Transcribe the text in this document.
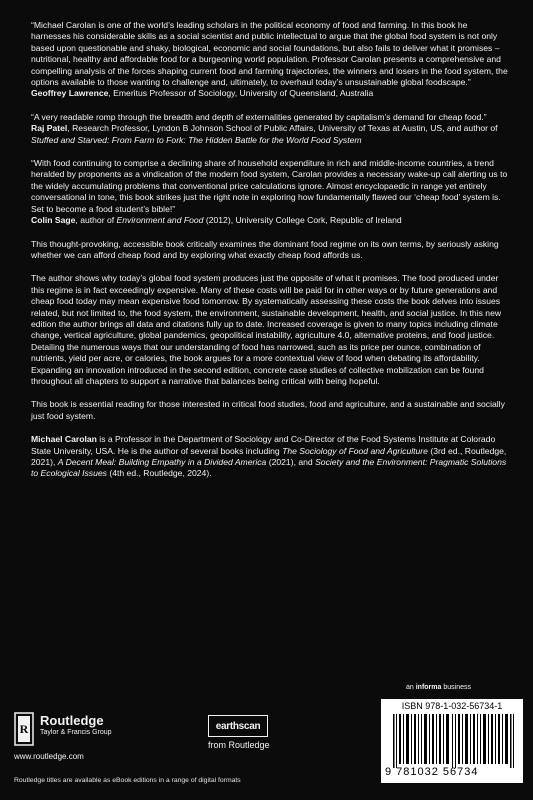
“Michael Carolan is one of the world’s leading scholars in the political economy of food and farming. In this book he harnesses his considerable skills as a social scientist and public intellectual to argue that the global food system is not only based upon questionable and shaky, biological, economic and social foundations, but also fails to deliver what it promises – nutritional, healthy and affordable food for a burgeoning world population. Professor Carolan presents a comprehensive and compelling analysis of the forces shaping current food and farming trajectories, the winners and losers in the food system, the options available to those wanting to challenge and, ultimately, to overhaul today’s unsustainable global foodscape.”
Geoffrey Lawrence, Emeritus Professor of Sociology, University of Queensland, Australia

“A very readable romp through the breadth and depth of externalities generated by capitalism’s demand for cheap food.”
Raj Patel, Research Professor, Lyndon B Johnson School of Public Affairs, University of Texas at Austin, US, and author of Stuffed and Starved: From Farm to Fork: The Hidden Battle for the World Food System

“With food continuing to comprise a declining share of household expenditure in rich and middle-income countries, a trend heralded by proponents as a vindication of the modern food system, Carolan provides a necessary wake-up call alerting us to the widely accumulating problems that conventional price calculations ignore. Almost encyclopaedic in range yet entirely conversational in tone, this book strikes just the right note in exploring how fundamentally flawed our ‘cheap food’ system is. Set to become a food student’s bible!”
Colin Sage, author of Environment and Food (2012), University College Cork, Republic of Ireland

This thought-provoking, accessible book critically examines the dominant food regime on its own terms, by seriously asking whether we can afford cheap food and by exploring what exactly cheap food affords us.

The author shows why today’s global food system produces just the opposite of what it promises. The food produced under this regime is in fact exceedingly expensive. Many of these costs will be paid for in other ways or by future generations and cheap food today may mean expensive food tomorrow. By systematically assessing these costs the book delves into issues related, but not limited to, the food system, the environment, sustainable development, health, and social justice. In this new edition the author brings all data and citations fully up to date. Increased coverage is given to many topics including climate change, vertical agriculture, global pandemics, geopolitical instability, agriculture 4.0, alternative proteins, and food justice. Detailing the numerous ways that our understanding of food has narrowed, such as its price per ounce, combination of nutrients, yield per acre, or calories, the book argues for a more contextual view of food when debating its affordability. Expanding an innovation introduced in the second edition, concrete case studies of collective mobilization can be found throughout all chapters to support a narrative that balances being critical with being hopeful.

This book is essential reading for those interested in critical food studies, food and agriculture, and a sustainable and socially just food system.

Michael Carolan is a Professor in the Department of Sociology and Co-Director of the Food Systems Institute at Colorado State University, USA. He is the author of several books including The Sociology of Food and Agriculture (3rd ed., Routledge, 2021), A Decent Meal: Building Empathy in a Divided America (2021), and Society and the Environment: Pragmatic Solutions to Ecological Issues (4th ed., Routledge, 2024).

R
Routledge
Taylor & Francis Group
www.routledge.com
Routledge titles are available as eBook editions in a range of digital formats
earthscan
from Routledge
an informa business
ISBN 978-1-032-56734-1
9 781032 56734
